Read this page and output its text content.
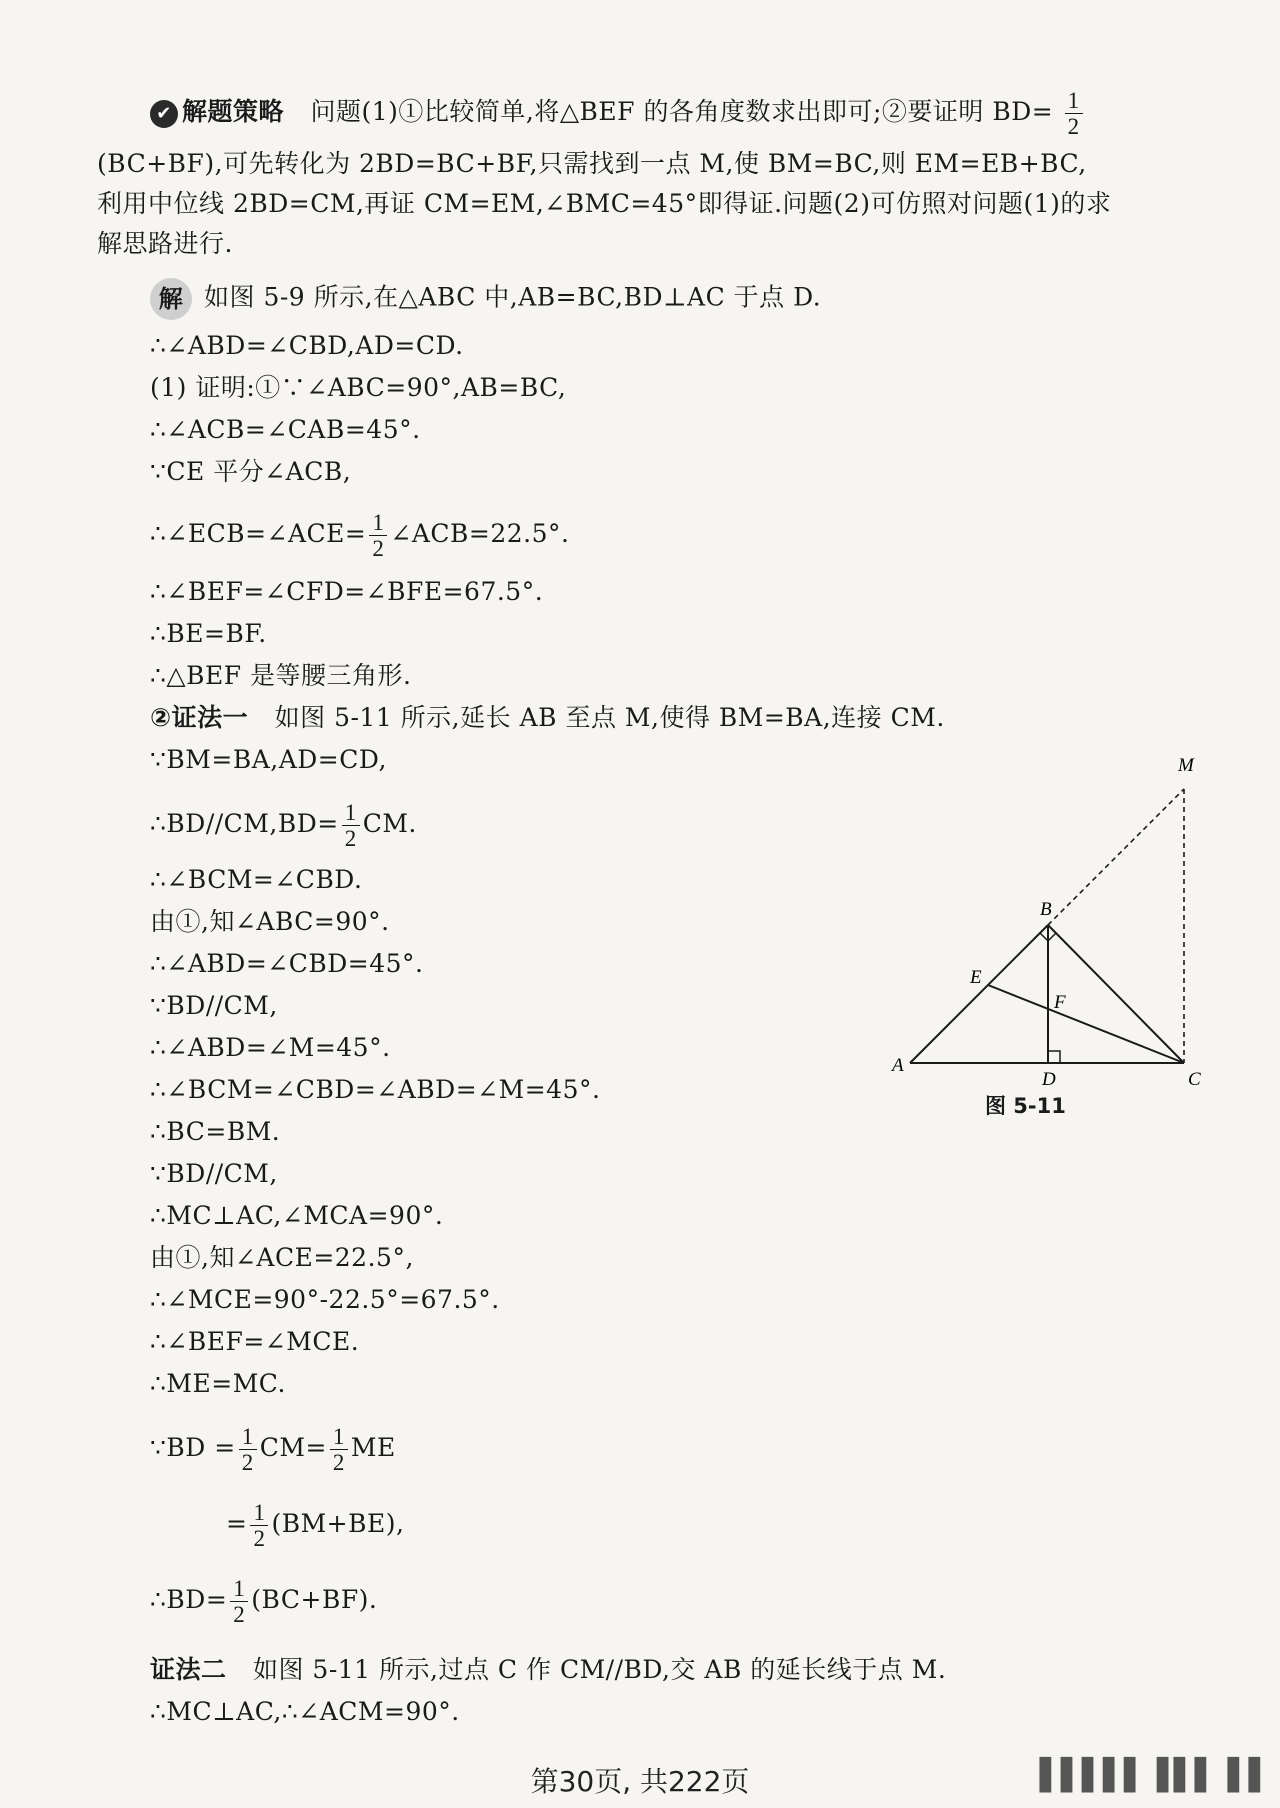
✔ 解题策略 问题(1)①比较简单,将△BEF 的各角度数求出即可;②要证明 $BD= \frac{1}{2}$
(BC+BF),可先转化为 2BD=BC+BF,只需找到一点 M,使 BM=BC,则 EM=EB+BC,
利用中位线 2BD=CM,再证 CM=EM,∠BMC=45°即得证.问题(2)可仿照对问题(1)的求
解思路进行.
解 如图 5-9 所示,在△ABC 中,AB=BC,BD⊥AC 于点 D.
∴∠ABD=∠CBD,AD=CD.
(1) 证明:①∵∠ABC=90°,AB=BC,
∴∠ACB=∠CAB=45°.
∵CE 平分∠ACB,
∴∠ECB=∠ACE= $\frac{1}{2}$ ∠ACB=22.5°.
∴∠BEF=∠CFD=∠BFE=67.5°.
∴BE=BF.
∴△BEF 是等腰三角形.
②证法一 如图 5-11 所示,延长 AB 至点 M,使得 BM=BA,连接 CM.
∵BM=BA,AD=CD,
∴BD//CM,BD= $\frac{1}{2}$ CM.
∴∠BCM=∠CBD.
由①,知∠ABC=90°.
∴∠ABD=∠CBD=45°.
∵BD//CM,
∴∠ABD=∠M=45°.
∴∠BCM=∠CBD=∠ABD=∠M=45°.
∴BC=BM.
∵BD//CM,
∴MC⊥AC,∠MCA=90°.
由①,知∠ACE=22.5°,
∴∠MCE=90°-22.5°=67.5°.
∴∠BEF=∠MCE.
∴ME=MC.
∵BD = $\frac{1}{2} CM= \frac{1}{2}$ ME
= $\frac{1}{2} (BM+BE)$,
∴BD= $\frac{1}{2} (BC+BF)$.
证法二 如图 5-11 所示,过点 C 作 CM//BD,交 AB 的延长线于点 M.
∴MC⊥AC,∴∠ACM=90°.
M
B
E
F
A
D	C
图 5-11
第30页, 共222页	▌▌▌▌▌▐ ▌▌▐▐
